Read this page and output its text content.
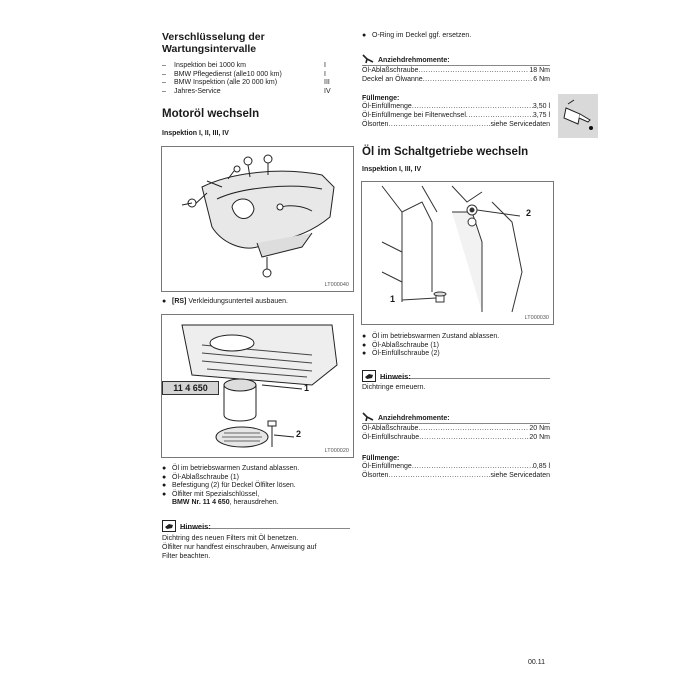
Verschlüsselung der
Wartungsintervalle
–	Inspektion bei 1000 km	I
–	BMW Pflegedienst (alle10 000 km)	I
–	BMW Inspektion (alle 20 000 km)	III
–	Jahres-Service	IV
Motoröl wechseln
Inspektion I, II, III, IV
LT000040
● [RS] Verkleidungsunterteil ausbauen.
11 4 650	1
2
LT000020
● Öl im betriebswarmen Zustand ablassen.
● Öl-Ablaßschraube (1)
● Befestigung (2) für Deckel Ölfilter lösen.
● Ölfilter mit Spezialschlüssel,
BMW Nr. 11 4 650, herausdrehen.
Hinweis:
Dichtring des neuen Filters mit Öl benetzen.
Ölfilter nur handfest einschrauben, Anweisung auf
Filter beachten.
● O-Ring im Deckel ggf. ersetzen.
Anziehdrehmomente:
Öl-Ablaßschraube .....	18 Nm
Deckel an Ölwanne .....	6 Nm
Füllmenge:
Öl-Einfüllmenge .....	3,50 l
Öl-Einfüllmenge bei Filterwechsel .....	3,75 l
Ölsorten .....	siehe Servicedaten
Öl im Schaltgetriebe wechseln
Inspektion I, III, IV
2
1
LT000030
● Öl im betriebswarmen Zustand ablassen.
● Öl-Ablaßschraube (1)
● Öl-Einfüllschraube (2)
Hinweis:
Dichtringe erneuern.
Anziehdrehmomente:
Öl-Ablaßschraube .....	20 Nm
Öl-Einfüllschraube .....	20 Nm
Füllmenge:
Öl-Einfüllmenge .....	0,85 l
Ölsorten .....	siehe Servicedaten
00.11
